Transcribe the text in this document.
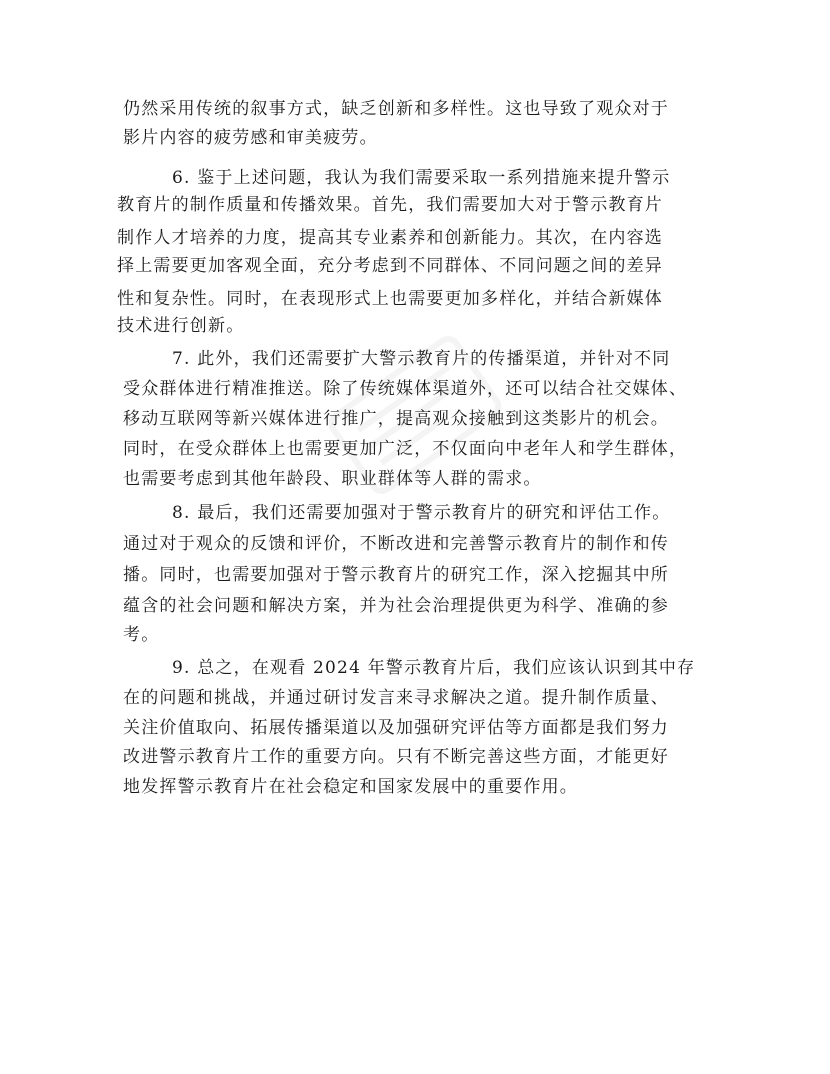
仍然采用传统的叙事方式，缺乏创新和多样性。这也导致了观众对于
影片内容的疲劳感和审美疲劳。
6. 鉴于上述问题，我认为我们需要采取一系列措施来提升警示
教育片的制作质量和传播效果。首先，我们需要加大对于警示教育片
制作人才培养的力度，提高其专业素养和创新能力。其次，在内容选
择上需要更加客观全面，充分考虑到不同群体、不同问题之间的差异
性和复杂性。同时，在表现形式上也需要更加多样化，并结合新媒体
技术进行创新。
7. 此外，我们还需要扩大警示教育片的传播渠道，并针对不同
受众群体进行精准推送。除了传统媒体渠道外，还可以结合社交媒体、
移动互联网等新兴媒体进行推广，提高观众接触到这类影片的机会。
同时，在受众群体上也需要更加广泛，不仅面向中老年人和学生群体，
也需要考虑到其他年龄段、职业群体等人群的需求。
8. 最后，我们还需要加强对于警示教育片的研究和评估工作。
通过对于观众的反馈和评价，不断改进和完善警示教育片的制作和传
播。同时，也需要加强对于警示教育片的研究工作，深入挖掘其中所
蕴含的社会问题和解决方案，并为社会治理提供更为科学、准确的参
考。
9. 总之，在观看 2024 年警示教育片后，我们应该认识到其中存
在的问题和挑战，并通过研讨发言来寻求解决之道。提升制作质量、
关注价值取向、拓展传播渠道以及加强研究评估等方面都是我们努力
改进警示教育片工作的重要方向。只有不断完善这些方面，才能更好
地发挥警示教育片在社会稳定和国家发展中的重要作用。
